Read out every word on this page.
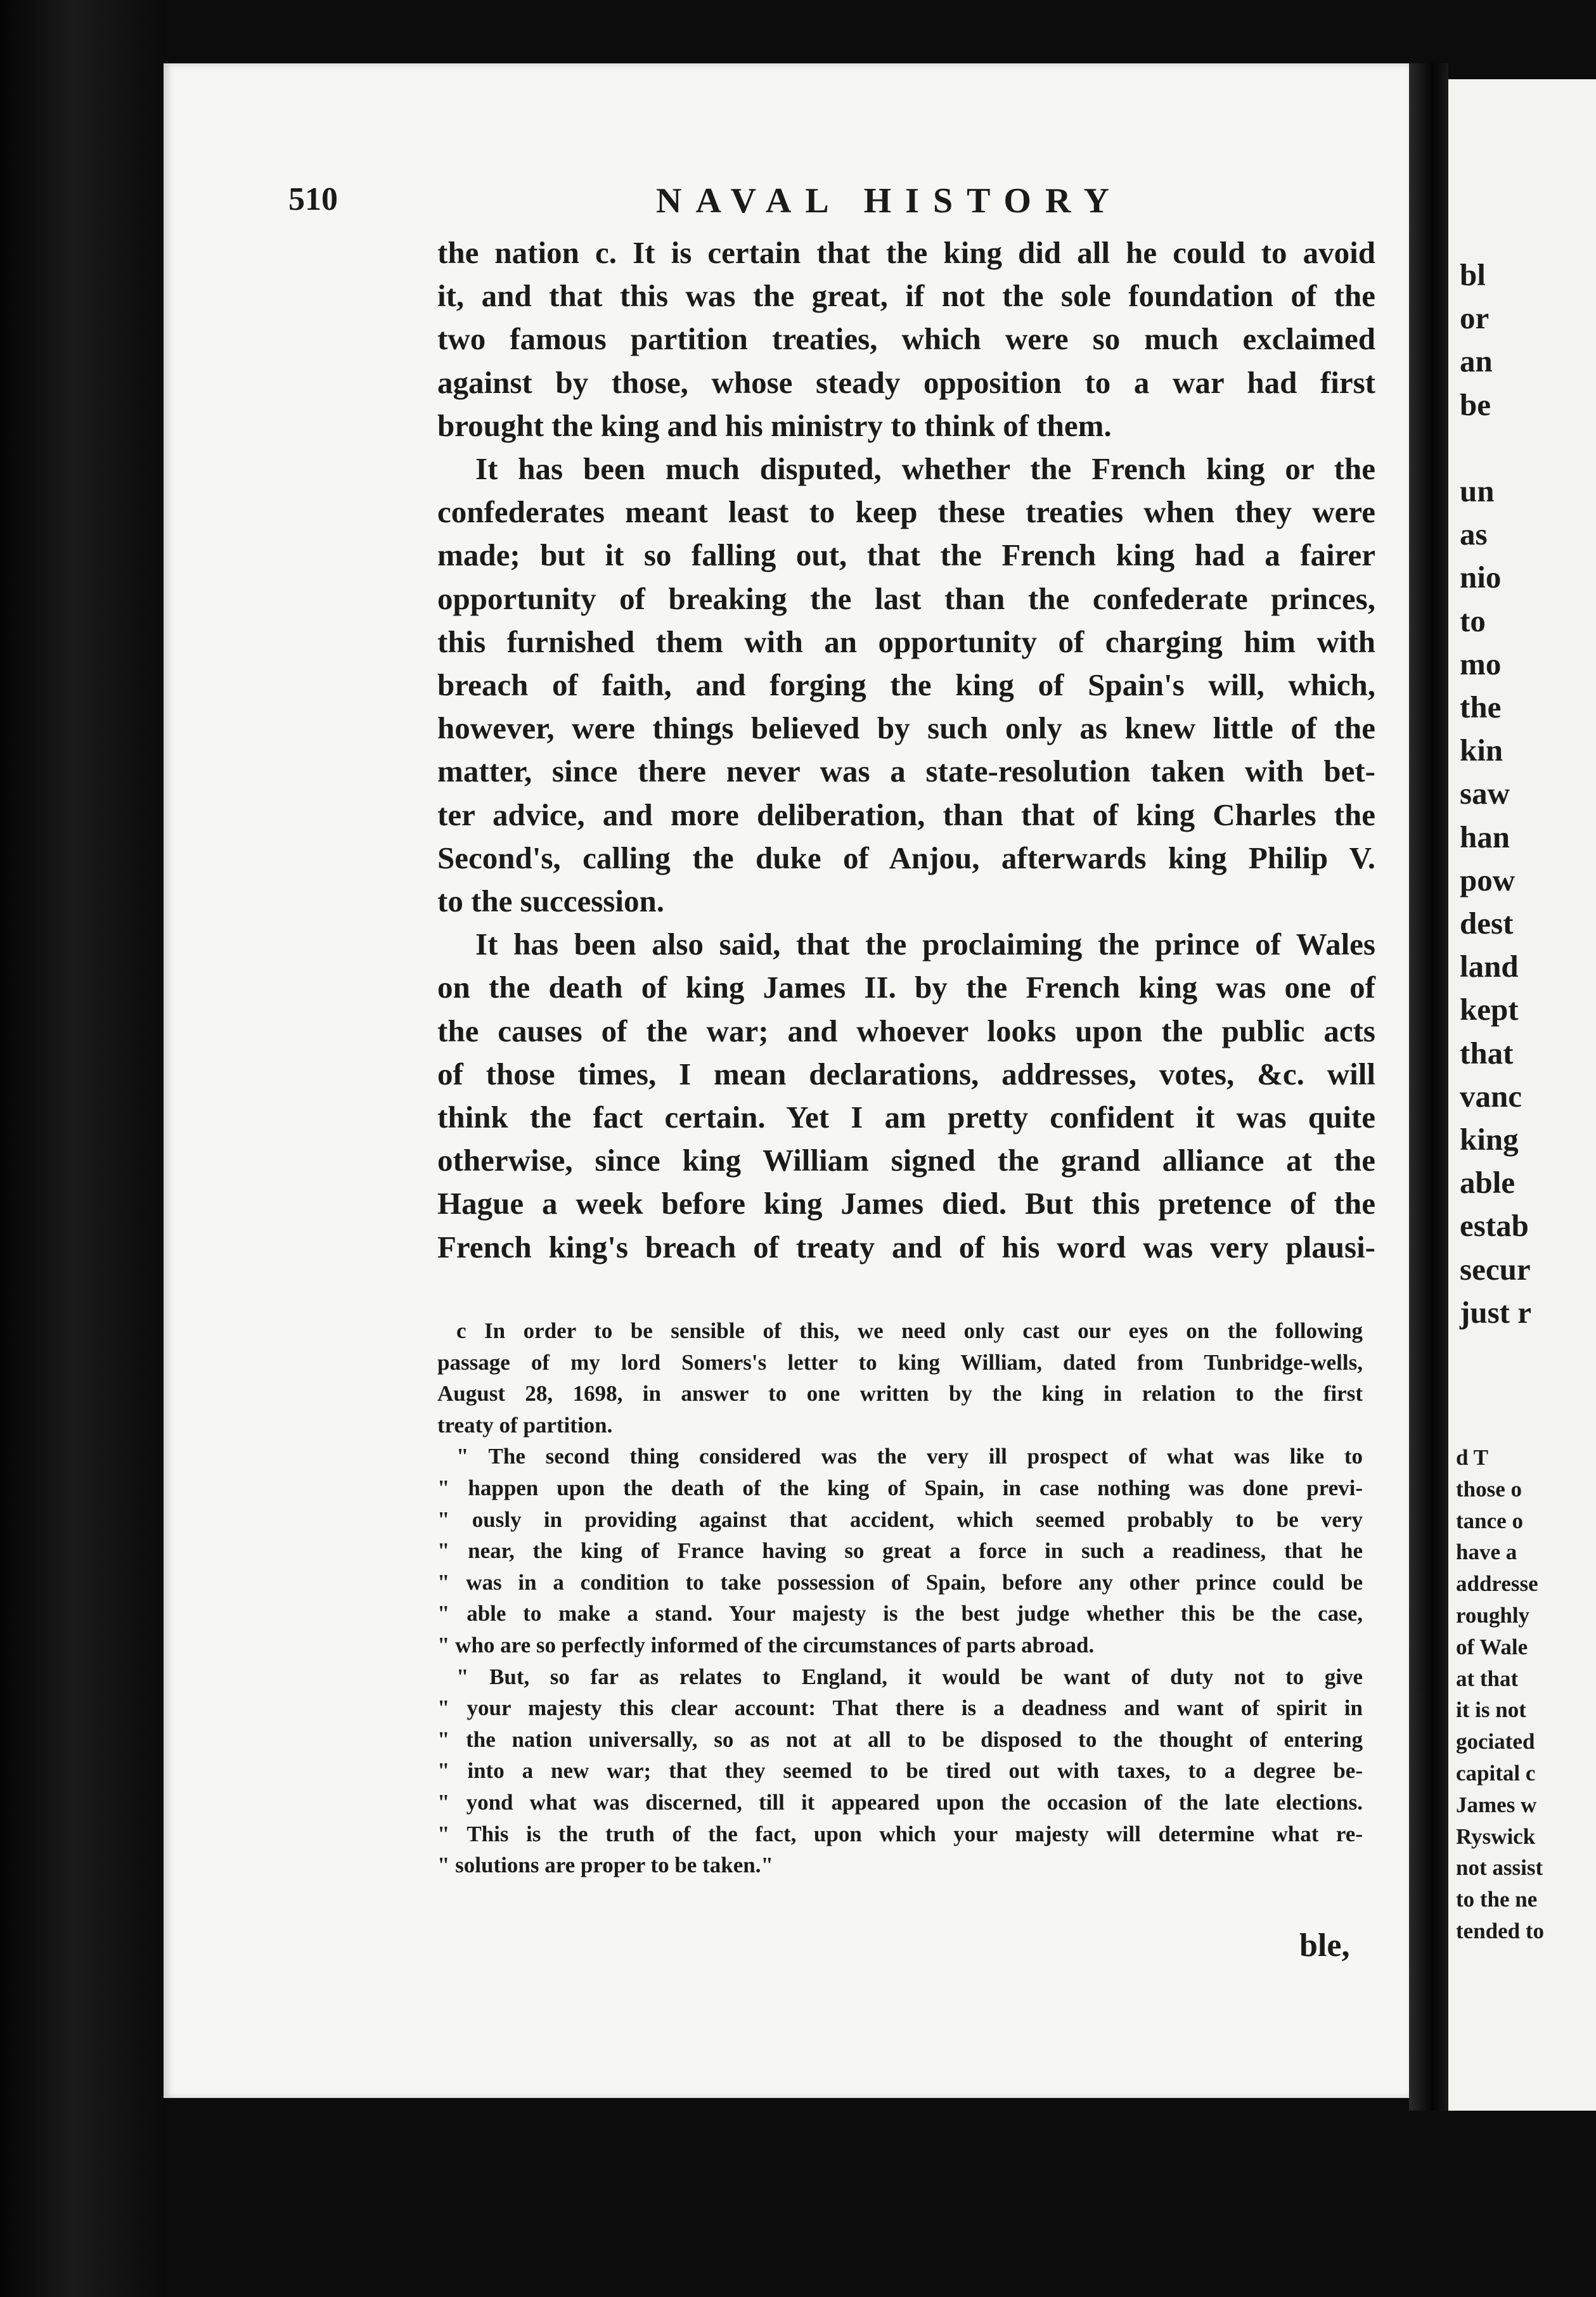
510	NAVAL HISTORY
the nation c. It is certain that the king did all he could to avoid
it, and that this was the great, if not the sole foundation of the
two famous partition treaties, which were so much exclaimed
against by those, whose steady opposition to a war had first
brought the king and his ministry to think of them.
It has been much disputed, whether the French king or the
confederates meant least to keep these treaties when they were
made; but it so falling out, that the French king had a fairer
opportunity of breaking the last than the confederate princes,
this furnished them with an opportunity of charging him with
breach of faith, and forging the king of Spain's will, which,
however, were things believed by such only as knew little of the
matter, since there never was a state-resolution taken with bet-
ter advice, and more deliberation, than that of king Charles the
Second's, calling the duke of Anjou, afterwards king Philip V.
to the succession.
It has been also said, that the proclaiming the prince of Wales
on the death of king James II. by the French king was one of
the causes of the war; and whoever looks upon the public acts
of those times, I mean declarations, addresses, votes, &c. will
think the fact certain. Yet I am pretty confident it was quite
otherwise, since king William signed the grand alliance at the
Hague a week before king James died. But this pretence of the
French king's breach of treaty and of his word was very plausi-
c In order to be sensible of this, we need only cast our eyes on the following
passage of my lord Somers's letter to king William, dated from Tunbridge-wells,
August 28, 1698, in answer to one written by the king in relation to the first
treaty of partition.
" The second thing considered was the very ill prospect of what was like to
" happen upon the death of the king of Spain, in case nothing was done previ-
" ously in providing against that accident, which seemed probably to be very
" near, the king of France having so great a force in such a readiness, that he
" was in a condition to take possession of Spain, before any other prince could be
" able to make a stand. Your majesty is the best judge whether this be the case,
" who are so perfectly informed of the circumstances of parts abroad.
" But, so far as relates to England, it would be want of duty not to give
" your majesty this clear account: That there is a deadness and want of spirit in
" the nation universally, so as not at all to be disposed to the thought of entering
" into a new war; that they seemed to be tired out with taxes, to a degree be-
" yond what was discerned, till it appeared upon the occasion of the late elections.
" This is the truth of the fact, upon which your majesty will determine what re-
" solutions are proper to be taken."
ble,
bl
or
an
be

un
as
nio
to
mo
the
kin
saw
han
pow
dest
land
kept
that
vanc
king
able
estab
secur
just r
d T
those o
tance o
have a
addresse
roughly
of Wale
at that
it is not
gociated
capital c
James w
Ryswick
not assist
to the ne
tended to
